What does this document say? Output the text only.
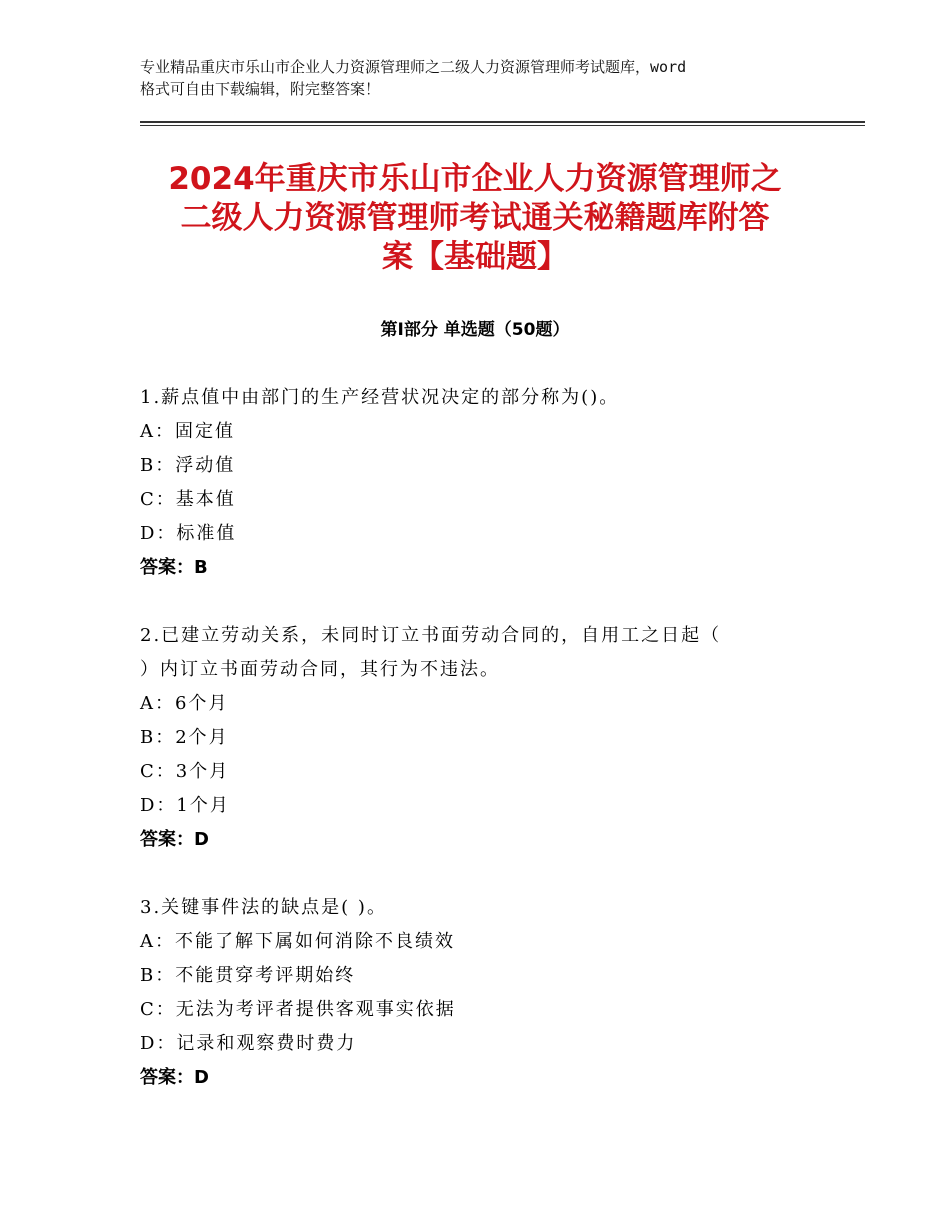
专业精品重庆市乐山市企业人力资源管理师之二级人力资源管理师考试题库，word
格式可自由下载编辑，附完整答案！
2024年重庆市乐山市企业人力资源管理师之
二级人力资源管理师考试通关秘籍题库附答
案【基础题】
第Ⅰ部分 单选题（50题）

1.薪点值中由部门的生产经营状况决定的部分称为()。

A：固定值

B：浮动值

C：基本值

D：标准值

答案：B

2.已建立劳动关系，未同时订立书面劳动合同的，自用工之日起（

）内订立书面劳动合同，其行为不违法。

A：6个月

B：2个月

C：3个月

D：1个月

答案：D

3.关键事件法的缺点是( )。

A：不能了解下属如何消除不良绩效

B：不能贯穿考评期始终

C：无法为考评者提供客观事实依据

D：记录和观察费时费力

答案：D
